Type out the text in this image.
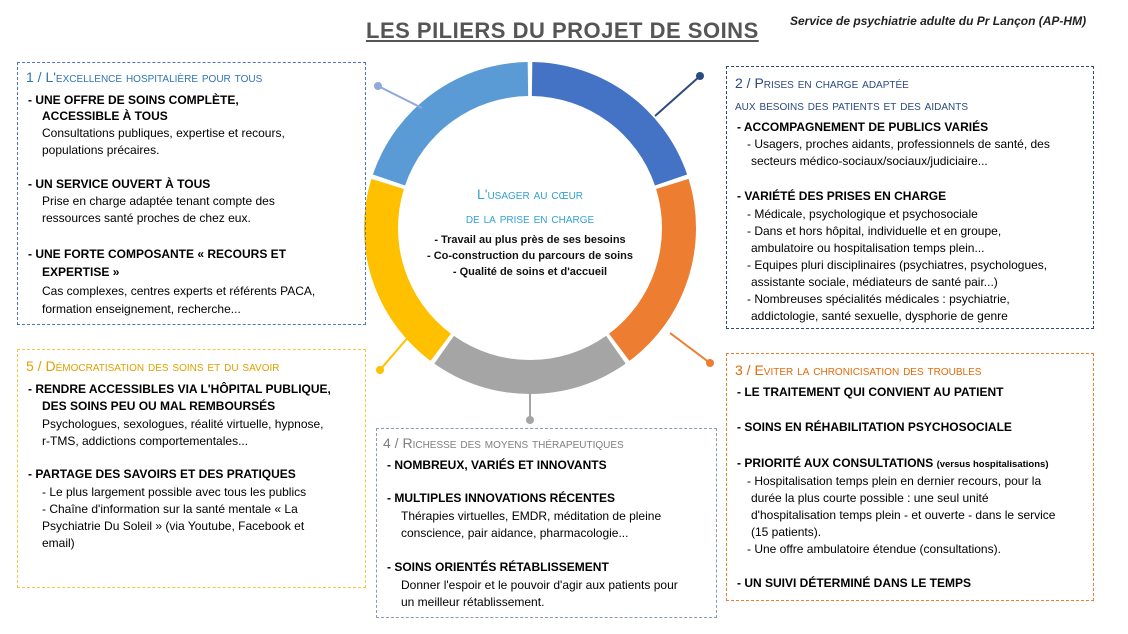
LES PILIERS DU PROJET DE SOINS	Service de psychiatrie adulte du Pr Lançon (AP-HM)
L'usager au cœur
de la prise en charge
- Travail au plus près de ses besoins
- Co-construction du parcours de soins
- Qualité de soins et d'accueil
1 / L'excellence hospitalière pour tous
- UNE OFFRE DE SOINS COMPLÈTE,
ACCESSIBLE À TOUS
Consultations publiques, expertise et recours,
populations précaires.
- UN SERVICE OUVERT À TOUS
Prise en charge adaptée tenant compte des
ressources santé proches de chez eux.
- UNE FORTE COMPOSANTE « RECOURS ET
EXPERTISE »
Cas complexes, centres experts et référents PACA,
formation enseignement, recherche...
2 / Prises en charge adaptée
aux besoins des patients et des aidants
- ACCOMPAGNEMENT DE PUBLICS VARIÉS
- Usagers, proches aidants, professionnels de santé, des
secteurs médico-sociaux/sociaux/judiciaire...
- VARIÉTÉ DES PRISES EN CHARGE
- Médicale, psychologique et psychosociale
- Dans et hors hôpital, individuelle et en groupe,
ambulatoire ou hospitalisation temps plein...
- Equipes pluri disciplinaires (psychiatres, psychologues,
assistante sociale, médiateurs de santé pair...)
- Nombreuses spécialités médicales : psychiatrie,
addictologie, santé sexuelle, dysphorie de genre
3 / Eviter la chronicisation des troubles
- LE TRAITEMENT QUI CONVIENT AU PATIENT
- SOINS EN RÉHABILITATION PSYCHOSOCIALE
- PRIORITÉ AUX CONSULTATIONS (versus hospitalisations)
- Hospitalisation temps plein en dernier recours, pour la
durée la plus courte possible : une seul unité
d'hospitalisation temps plein - et ouverte - dans le service
(15 patients).
- Une offre ambulatoire étendue (consultations).
- UN SUIVI DÉTERMINÉ DANS LE TEMPS
4 / Richesse des moyens thérapeutiques
- NOMBREUX, VARIÉS ET INNOVANTS
- MULTIPLES INNOVATIONS RÉCENTES
Thérapies virtuelles, EMDR, méditation de pleine
conscience, pair aidance, pharmacologie...
- SOINS ORIENTÉS RÉTABLISSEMENT
Donner l'espoir et le pouvoir d'agir aux patients pour
un meilleur rétablissement.
5 / Démocratisation des soins et du savoir
- RENDRE ACCESSIBLES VIA L'HÔPITAL PUBLIQUE,
DES SOINS PEU OU MAL REMBOURSÉS
Psychologues, sexologues, réalité virtuelle, hypnose,
r-TMS, addictions comportementales...
- PARTAGE DES SAVOIRS ET DES PRATIQUES
- Le plus largement possible avec tous les publics
- Chaîne d'information sur la santé mentale « La
Psychiatrie Du Soleil » (via Youtube, Facebook et
email)
